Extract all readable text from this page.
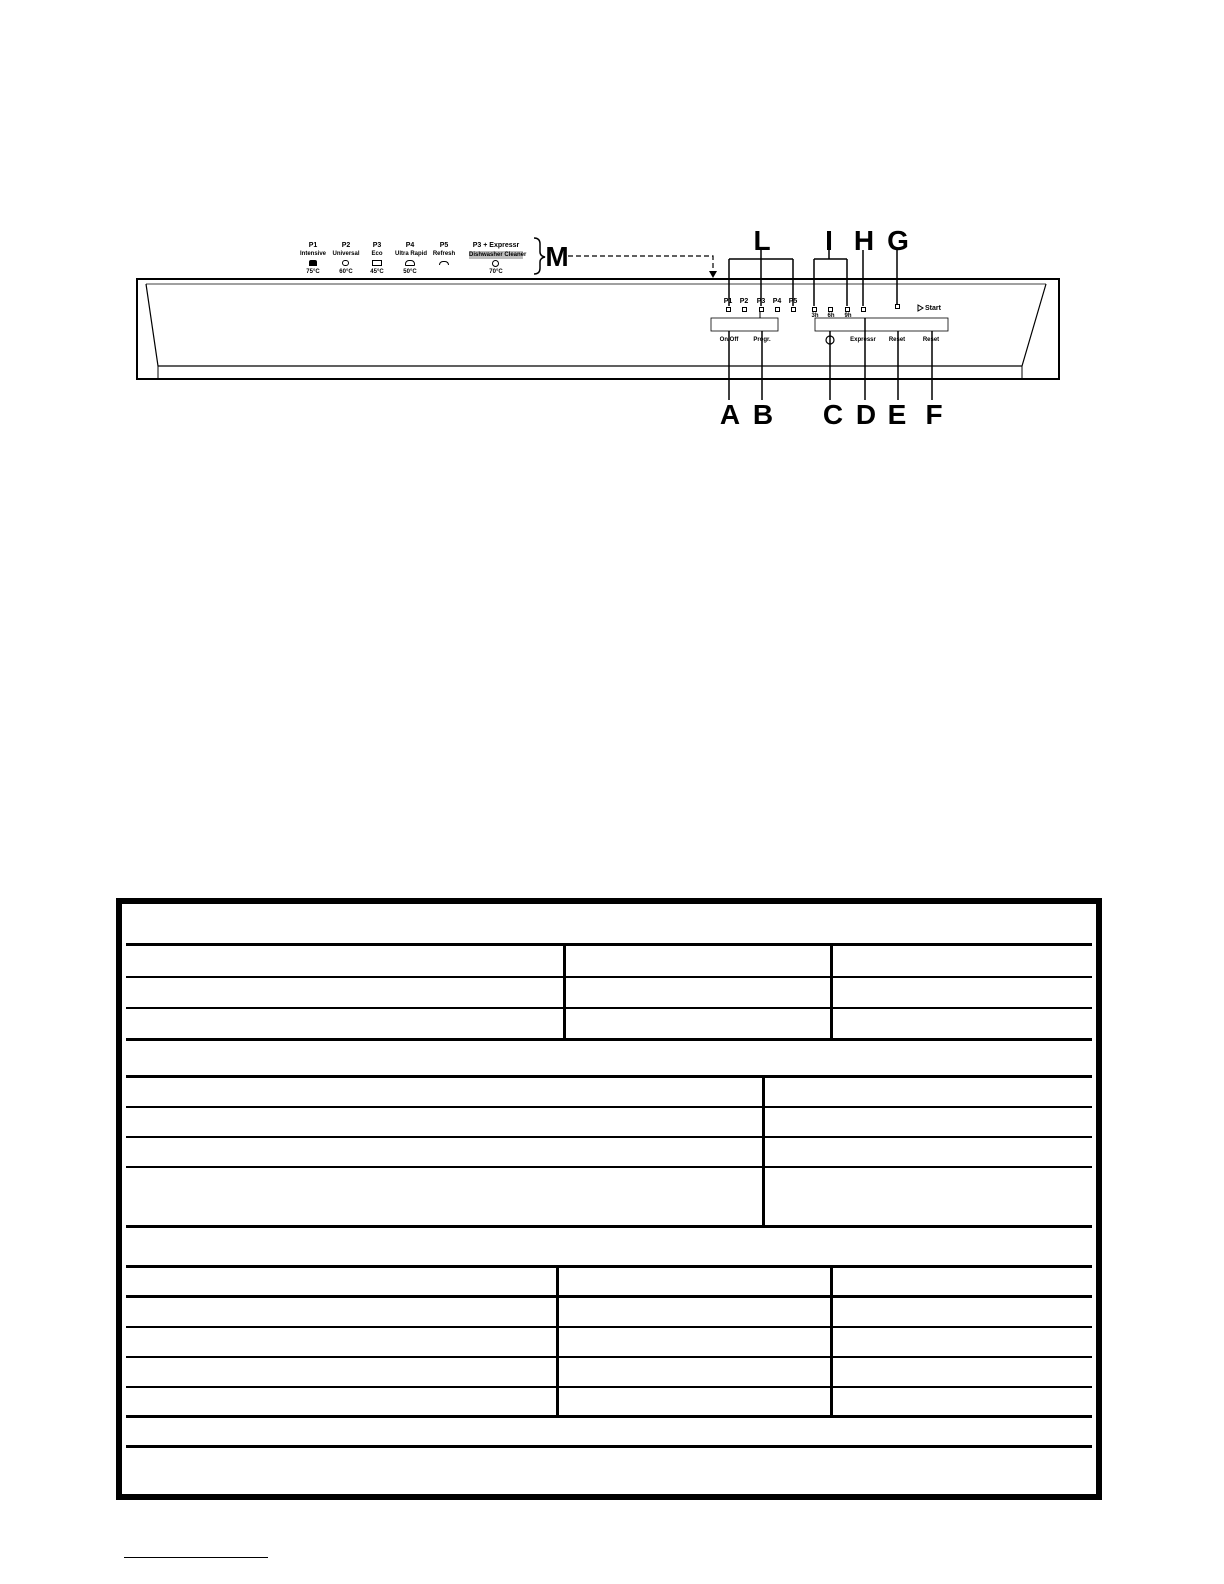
P1
Intensive
75°C
P2
Universal
60°C
P3
Eco
45°C
P4
Ultra Rapid
50°C
P5
Refresh
P3 + Expressr
Dishwasher Cleaner
70°C
L	I H G
M
A B C D E F
P1	P2	P3	P4	P5
3h	6h	9h
Start
On/Off	Progr.	Expressr	Reset	Reset
